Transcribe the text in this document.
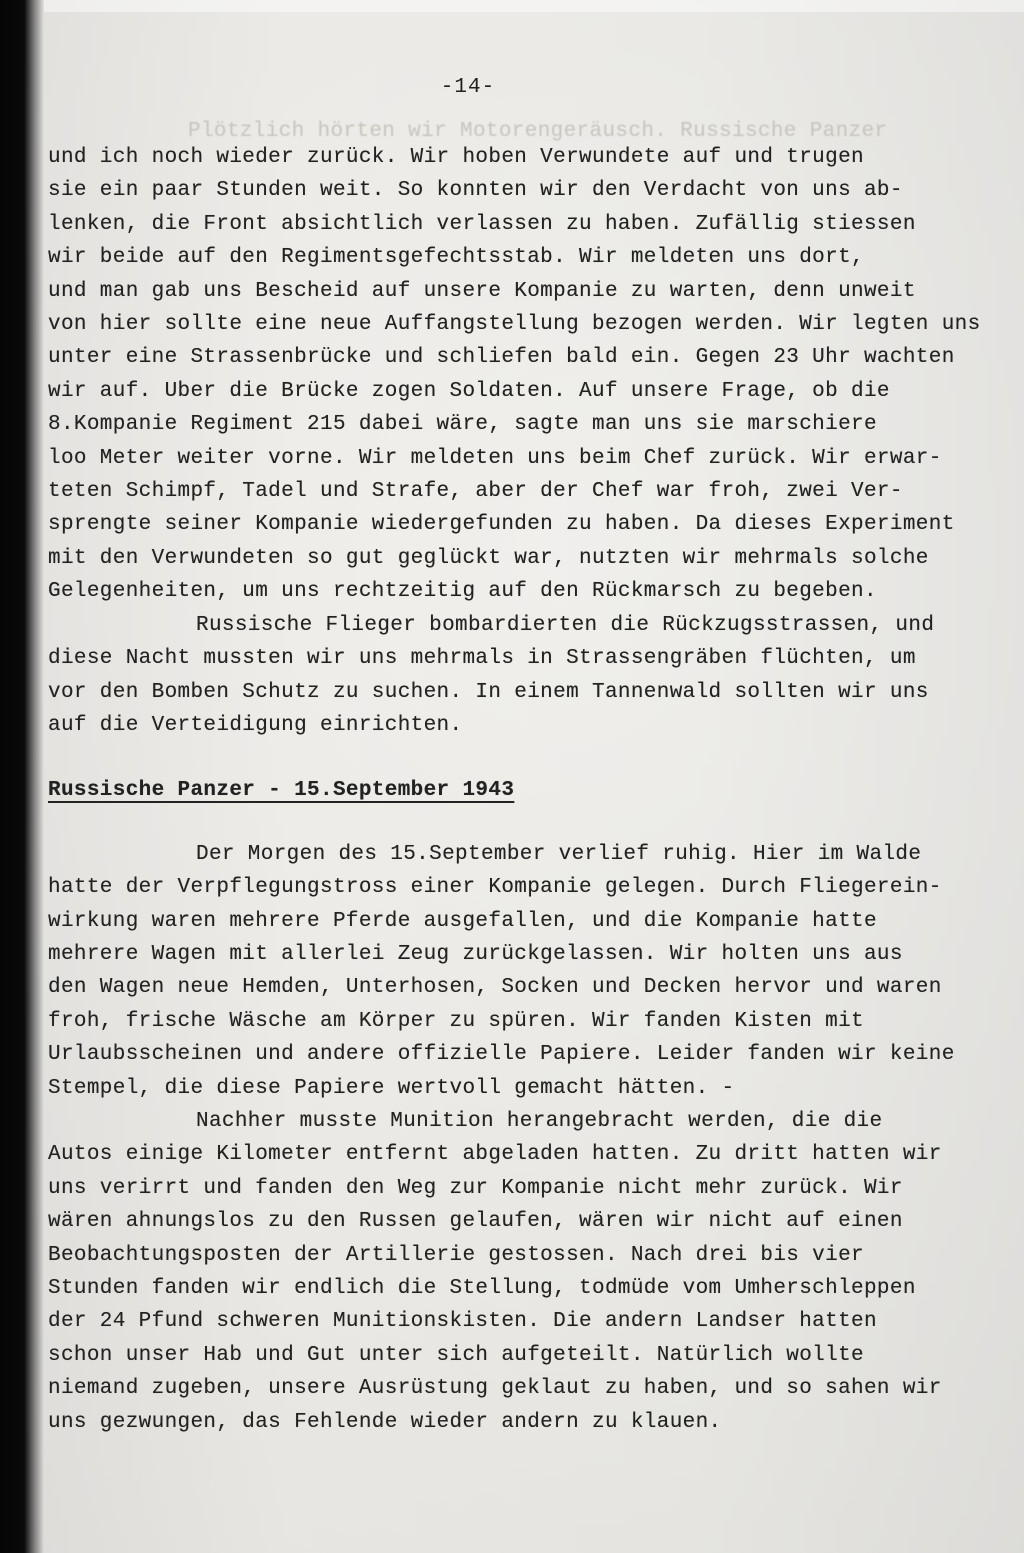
-14-
Plötzlich hörten wir Motorengeräusch. Russische Panzer
und ich noch wieder zurück. Wir hoben Verwundete auf und trugen
sie ein paar Stunden weit. So konnten wir den Verdacht von uns ab-
lenken, die Front absichtlich verlassen zu haben. Zufällig stiessen
wir beide auf den Regimentsgefechtsstab. Wir meldeten uns dort,
und man gab uns Bescheid auf unsere Kompanie zu warten, denn unweit
von hier sollte eine neue Auffangstellung bezogen werden. Wir legten uns
unter eine Strassenbrücke und schliefen bald ein. Gegen 23 Uhr wachten
wir auf. Uber die Brücke zogen Soldaten. Auf unsere Frage, ob die
8.Kompanie Regiment 215 dabei wäre, sagte man uns sie marschiere
loo Meter weiter vorne. Wir meldeten uns beim Chef zurück. Wir erwar-
teten Schimpf, Tadel und Strafe, aber der Chef war froh, zwei Ver-
sprengte seiner Kompanie wiedergefunden zu haben. Da dieses Experiment
mit den Verwundeten so gut geglückt war, nutzten wir mehrmals solche
Gelegenheiten, um uns rechtzeitig auf den Rückmarsch zu begeben.
Russische Flieger bombardierten die Rückzugsstrassen, und
diese Nacht mussten wir uns mehrmals in Strassengräben flüchten, um
vor den Bomben Schutz zu suchen. In einem Tannenwald sollten wir uns
auf die Verteidigung einrichten.
Russische Panzer - 15.September 1943
Der Morgen des 15.September verlief ruhig. Hier im Walde
hatte der Verpflegungstross einer Kompanie gelegen. Durch Fliegerein-
wirkung waren mehrere Pferde ausgefallen, und die Kompanie hatte
mehrere Wagen mit allerlei Zeug zurückgelassen. Wir holten uns aus
den Wagen neue Hemden, Unterhosen, Socken und Decken hervor und waren
froh, frische Wäsche am Körper zu spüren. Wir fanden Kisten mit
Urlaubsscheinen und andere offizielle Papiere. Leider fanden wir keine
Stempel, die diese Papiere wertvoll gemacht hätten. -
Nachher musste Munition herangebracht werden, die die
Autos einige Kilometer entfernt abgeladen hatten. Zu dritt hatten wir
uns verirrt und fanden den Weg zur Kompanie nicht mehr zurück. Wir
wären ahnungslos zu den Russen gelaufen, wären wir nicht auf einen
Beobachtungsposten der Artillerie gestossen. Nach drei bis vier
Stunden fanden wir endlich die Stellung, todmüde vom Umherschleppen
der 24 Pfund schweren Munitionskisten. Die andern Landser hatten
schon unser Hab und Gut unter sich aufgeteilt. Natürlich wollte
niemand zugeben, unsere Ausrüstung geklaut zu haben, und so sahen wir
uns gezwungen, das Fehlende wieder andern zu klauen.
